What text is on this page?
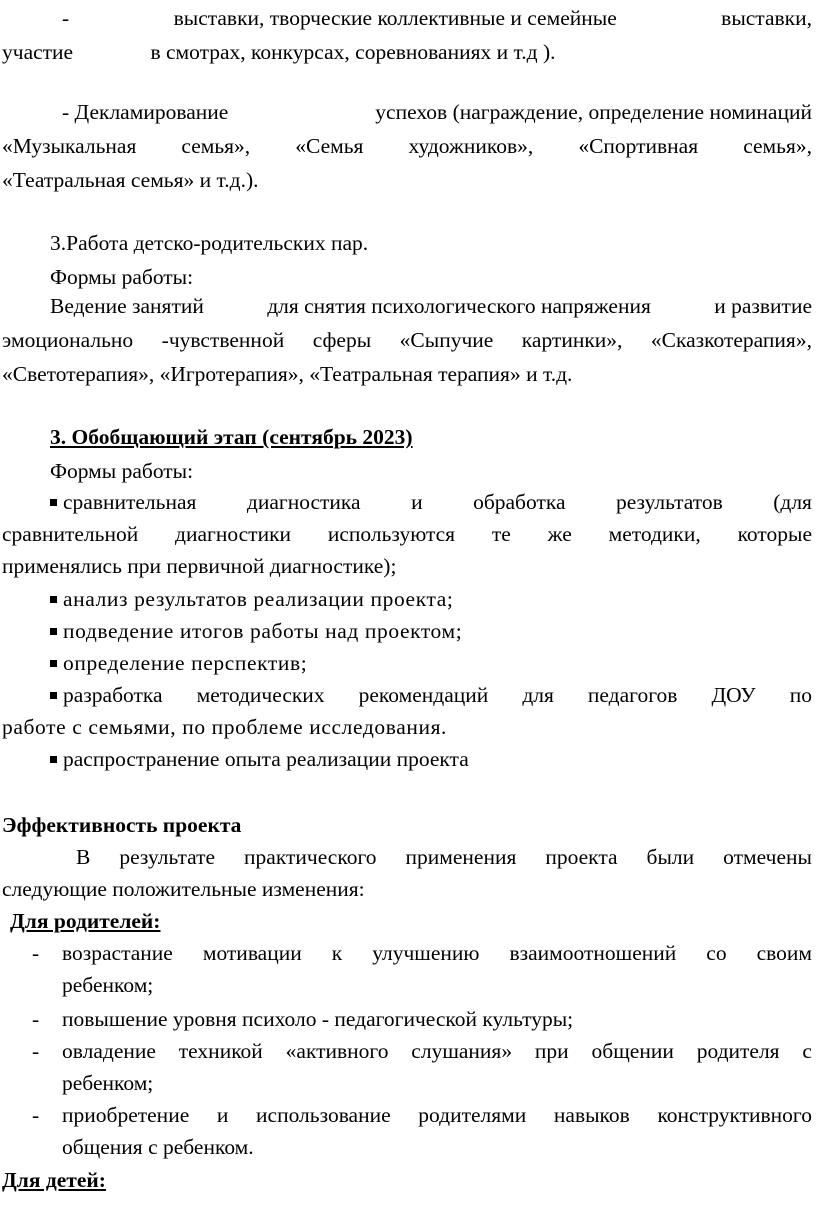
-	выставки, творческие коллективные и семейные	выставки,
участие	в смотрах, конкурсах, соревнованиях и т.д ).
- Декламирование	успехов (награждение, определение номинаций
«Музыкальная семья», «Семья художников», «Спортивная семья»,
«Театральная семья» и т.д.).
3.Работа детско-родительских пар.
Формы работы:
Ведение занятий	для снятия психологического напряжения	и развитие
эмоционально -чувственной сферы «Сыпучие картинки», «Сказкотерапия»,
«Светотерапия», «Игротерапия», «Театральная терапия» и т.д.
3. Обобщающий этап (сентябрь 2023)
Формы работы:
сравнительная диагностика и обработка результатов (для
сравнительной диагностики используются те же методики, которые
применялись при первичной диагностике);
анализ результатов реализации проекта;
подведение итогов работы над проектом;
определение перспектив;
разработка методических рекомендаций для педагогов ДОУ по
работе с семьями, по проблеме исследования.
распространение опыта реализации проекта
Эффективность проекта
В результате практического применения проекта были отмечены
следующие положительные изменения:
Для родителей:
- возрастание мотивации к улучшению взаимоотношений со своим
ребенком;
- повышение уровня психоло - педагогической культуры;
- овладение техникой «активного слушания» при общении родителя с
ребенком;
- приобретение и использование родителями навыков конструктивного
общения с ребенком.
Для детей:
